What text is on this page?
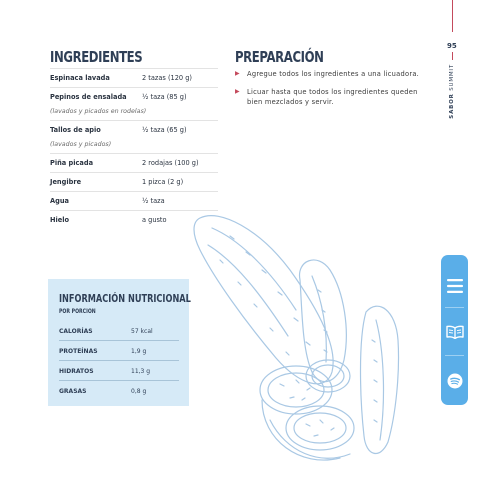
95
SABOR SUMMIT
INGREDIENTES
Espinaca lavada	2 tazas (120 g)
Pepinos de ensalada	½ taza (85 g)
(lavados y picados en rodelas)
Tallos de apio	½ taza (65 g)
(lavados y picados)
Piña picada	2 rodajas (100 g)
Jengibre	1 pizca (2 g)
Agua	½ taza
Hielo	a gusto
PREPARACIÓN
▶ Agregue todos los ingredientes a una licuadora.
▶ Licuar hasta que todos los ingredientes queden bien mezclados y servir.
INFORMACIÓN NUTRICIONAL
POR PORCIÓN
CALORÍAS	57 kcal
PROTEÍNAS	1,9 g
HIDRATOS	11,3 g
GRASAS	0,8 g
